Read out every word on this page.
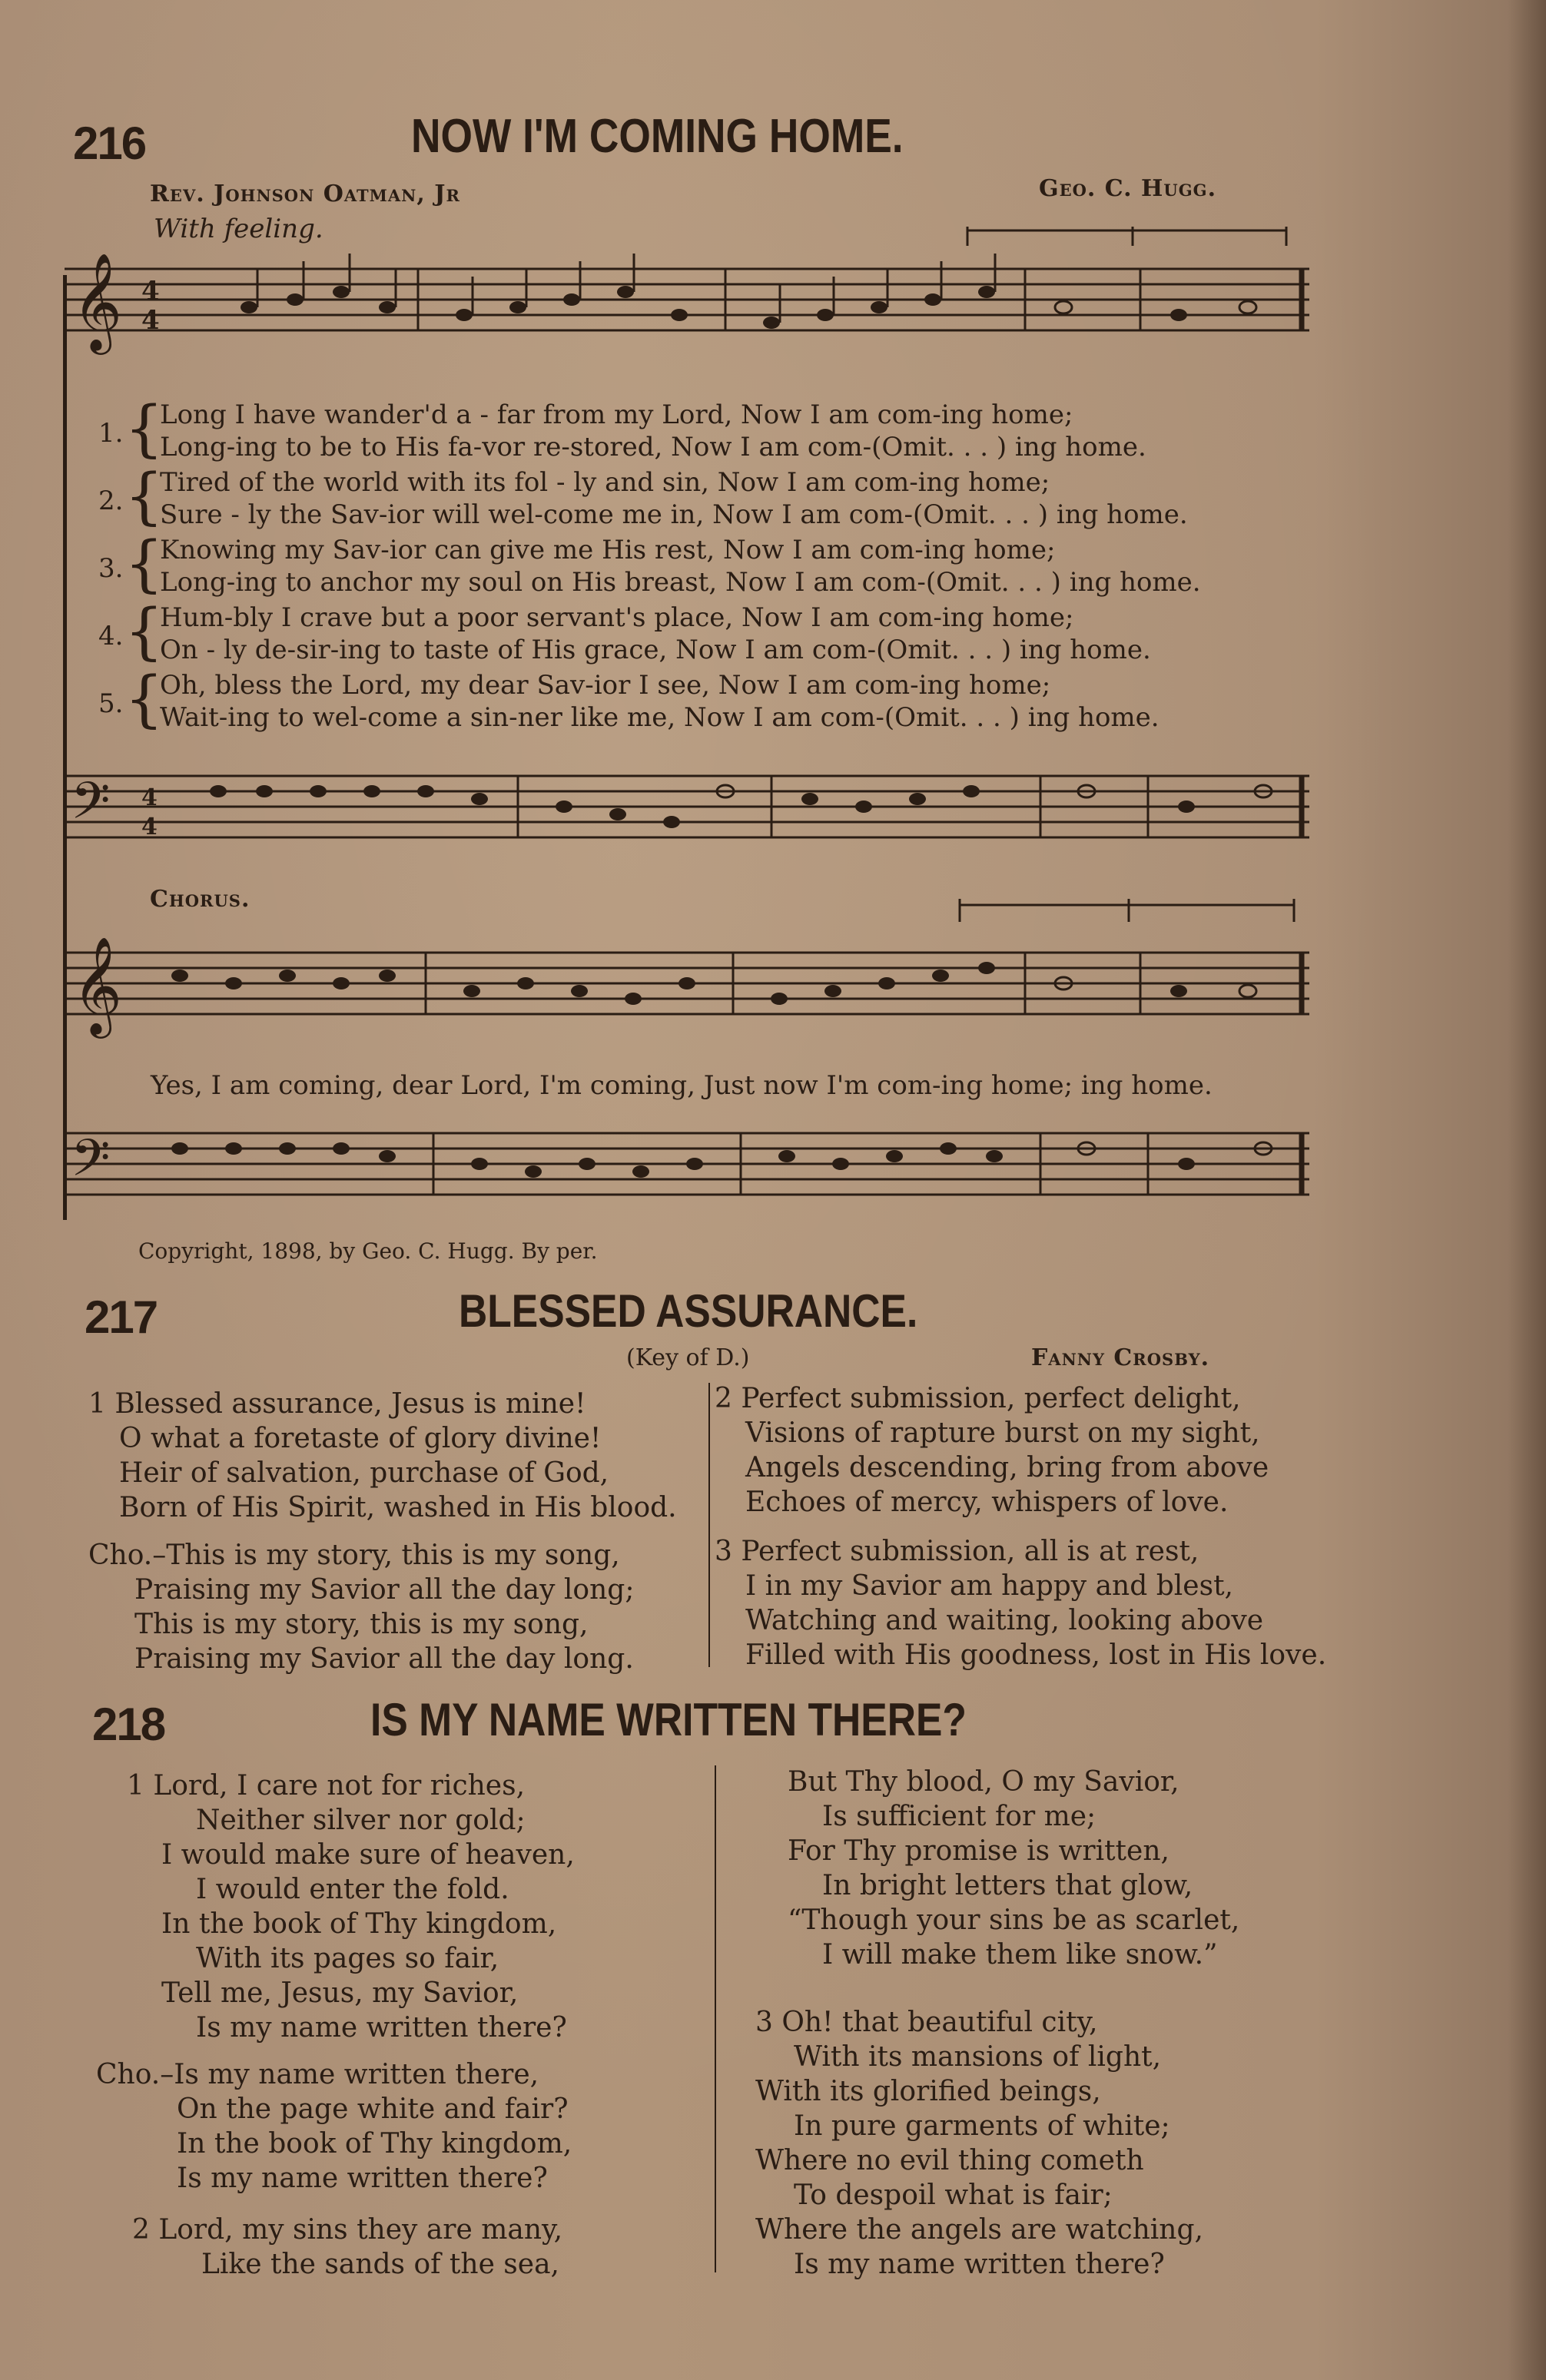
216	NOW I'M COMING HOME.
Rev. Johnson Oatman, Jr	Geo. C. Hugg.
With feeling.
𝄞 4
4
1. {
Long I have wander'd a - far from my Lord, Now I am com-ing home;
Long-ing to be to His fa-vor re-stored, Now I am com-(Omit. . . ) ing home.
2. {
Tired of the world with its fol - ly and sin, Now I am com-ing home;
Sure - ly the Sav-ior will wel-come me in, Now I am com-(Omit. . . ) ing home.
3. {
Knowing my Sav-ior can give me His rest, Now I am com-ing home;
Long-ing to anchor my soul on His breast, Now I am com-(Omit. . . ) ing home.
4. {
Hum-bly I crave but a poor servant's place, Now I am com-ing home;
On - ly de-sir-ing to taste of His grace, Now I am com-(Omit. . . ) ing home.
5. {
Oh, bless the Lord, my dear Sav-ior I see, Now I am com-ing home;
Wait-ing to wel-come a sin-ner like me, Now I am com-(Omit. . . ) ing home.
𝄢 4
4
Chorus.
𝄞
Yes, I am coming, dear Lord, I'm coming, Just now I'm com-ing home; ing home.
𝄢
Copyright, 1898, by Geo. C. Hugg. By per.
217	BLESSED ASSURANCE.
(Key of D.)	Fanny Crosby.
1 Blessed assurance, Jesus is mine!
O what a foretaste of glory divine!
Heir of salvation, purchase of God,
Born of His Spirit, washed in His blood.
Cho.–This is my story, this is my song,
Praising my Savior all the day long;
This is my story, this is my song,
Praising my Savior all the day long.
2 Perfect submission, perfect delight,
Visions of rapture burst on my sight,
Angels descending, bring from above
Echoes of mercy, whispers of love.
3 Perfect submission, all is at rest,
I in my Savior am happy and blest,
Watching and waiting, looking above
Filled with His goodness, lost in His love.
218	IS MY NAME WRITTEN THERE?
1 Lord, I care not for riches,
Neither silver nor gold;
I would make sure of heaven,
I would enter the fold.
In the book of Thy kingdom,
With its pages so fair,
Tell me, Jesus, my Savior,
Is my name written there?
Cho.–Is my name written there,
On the page white and fair?
In the book of Thy kingdom,
Is my name written there?
2 Lord, my sins they are many,
Like the sands of the sea,
But Thy blood, O my Savior,
Is sufficient for me;
For Thy promise is written,
In bright letters that glow,
“Though your sins be as scarlet,
I will make them like snow.”
3 Oh! that beautiful city,
With its mansions of light,
With its glorified beings,
In pure garments of white;
Where no evil thing cometh
To despoil what is fair;
Where the angels are watching,
Is my name written there?
